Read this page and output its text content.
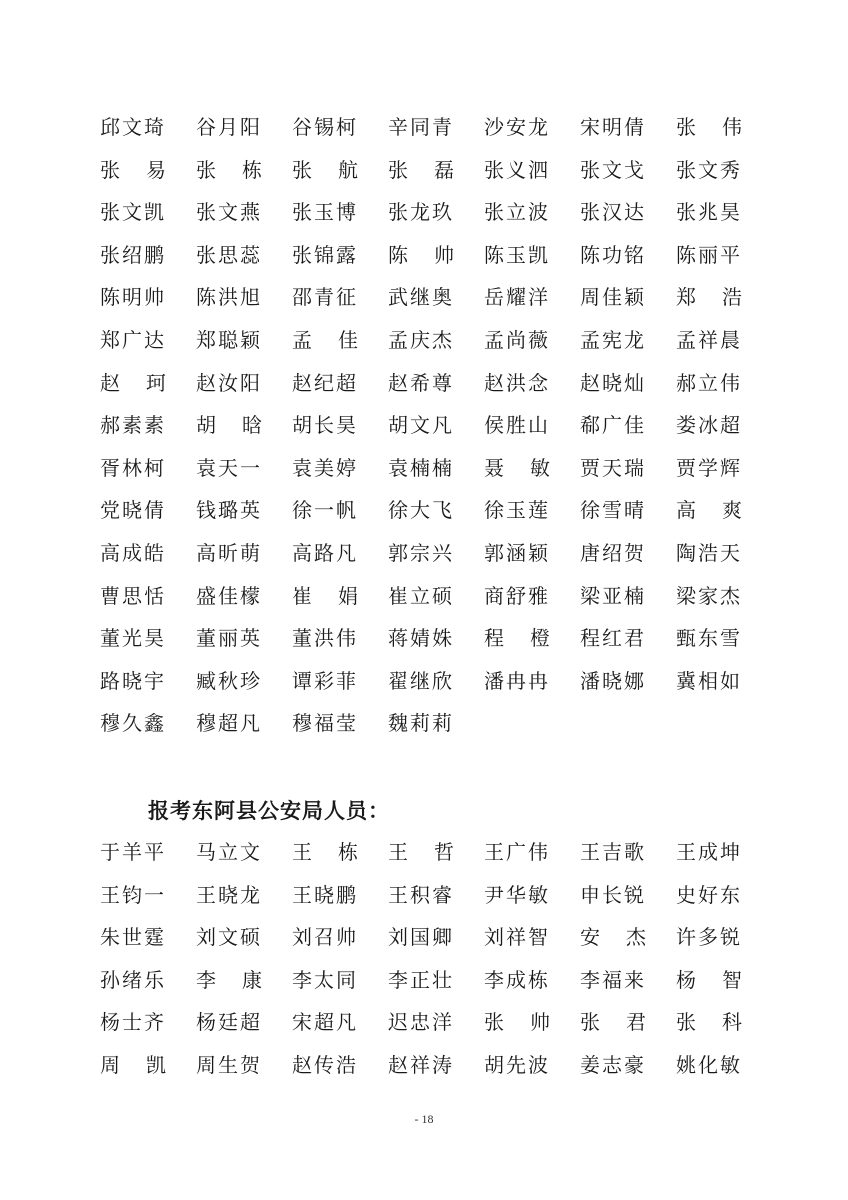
邱文琦 谷月阳 谷锡柯 辛同青 沙安龙 宋明倩 张 伟
张 易 张 栋 张 航 张 磊 张义泗 张文戈 张文秀
张文凯 张文燕 张玉博 张龙玖 张立波 张汉达 张兆昊
张绍鹏 张思蕊 张锦露 陈 帅 陈玉凯 陈功铭 陈丽平
陈明帅 陈洪旭 邵青征 武继奥 岳耀洋 周佳颖 郑 浩
郑广达 郑聪颖 孟 佳 孟庆杰 孟尚薇 孟宪龙 孟祥晨
赵 珂 赵汝阳 赵纪超 赵希尊 赵洪念 赵晓灿 郝立伟
郝素素 胡 晗 胡长昊 胡文凡 侯胜山 郗广佳 娄冰超
胥林柯 袁天一 袁美婷 袁楠楠 聂 敏 贾天瑞 贾学辉
党晓倩 钱璐英 徐一帆 徐大飞 徐玉莲 徐雪晴 高 爽
高成皓 高昕萌 高路凡 郭宗兴 郭涵颖 唐绍贺 陶浩天
曹思恬 盛佳檬 崔 娟 崔立硕 商舒雅 梁亚楠 梁家杰
董光昊 董丽英 董洪伟 蒋婧姝 程 橙 程红君 甄东雪
路晓宇 臧秋珍 谭彩菲 翟继欣 潘冉冉 潘晓娜 冀相如
穆久鑫 穆超凡 穆福莹 魏莉莉
报考东阿县公安局人员：
于羊平 马立文 王 栋 王 哲 王广伟 王吉歌 王成坤
王钧一 王晓龙 王晓鹏 王积睿 尹华敏 申长锐 史好东
朱世霆 刘文硕 刘召帅 刘国卿 刘祥智 安 杰 许多锐
孙绪乐 李 康 李太同 李正壮 李成栋 李福来 杨 智
杨士齐 杨廷超 宋超凡 迟忠洋 张 帅 张 君 张 科
周 凯 周生贺 赵传浩 赵祥涛 胡先波 姜志豪 姚化敏
- 18
